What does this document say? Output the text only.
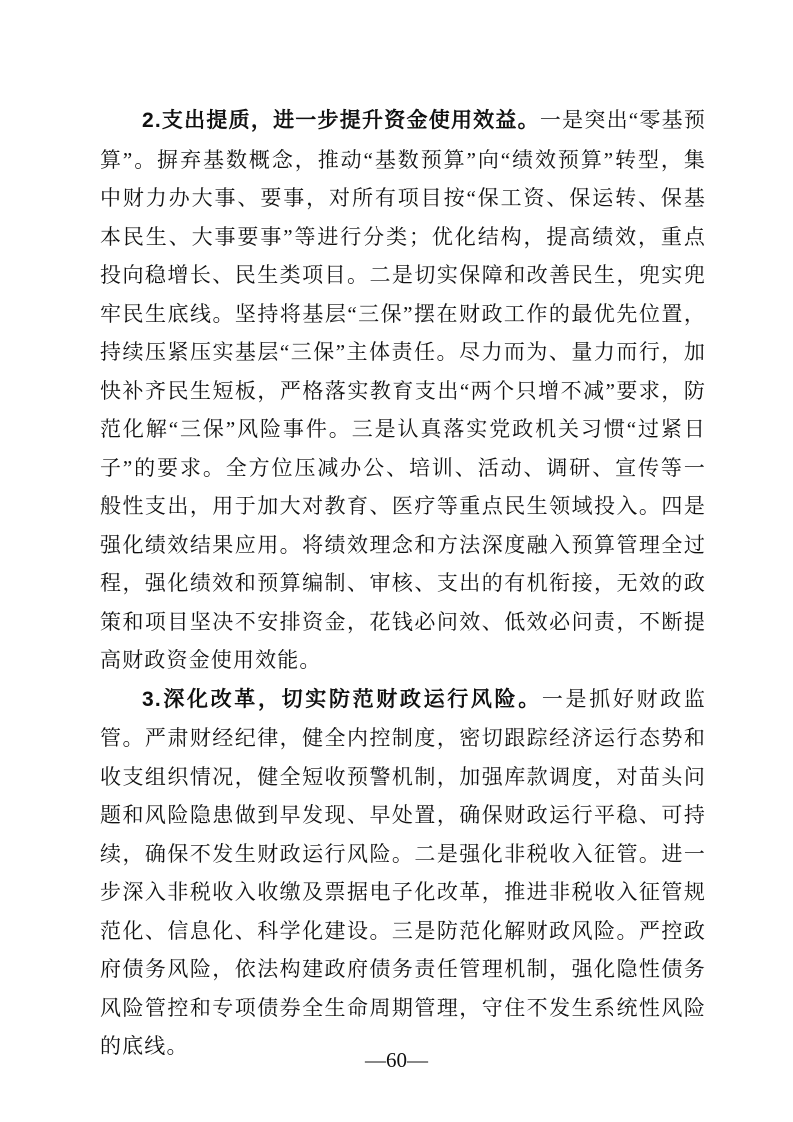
2.支出提质，进一步提升资金使用效益。一是突出“零基预算”。摒弃基数概念，推动“基数预算”向“绩效预算”转型，集中财力办大事、要事，对所有项目按“保工资、保运转、保基本民生、大事要事”等进行分类；优化结构，提高绩效，重点投向稳增长、民生类项目。二是切实保障和改善民生，兜实兜牢民生底线。坚持将基层“三保”摆在财政工作的最优先位置，持续压紧压实基层“三保”主体责任。尽力而为、量力而行，加快补齐民生短板，严格落实教育支出“两个只增不减”要求，防范化解“三保”风险事件。三是认真落实党政机关习惯“过紧日子”的要求。全方位压减办公、培训、活动、调研、宣传等一般性支出，用于加大对教育、医疗等重点民生领域投入。四是强化绩效结果应用。将绩效理念和方法深度融入预算管理全过程，强化绩效和预算编制、审核、支出的有机衔接，无效的政策和项目坚决不安排资金，花钱必问效、低效必问责，不断提高财政资金使用效能。

3.深化改革，切实防范财政运行风险。一是抓好财政监管。严肃财经纪律，健全内控制度，密切跟踪经济运行态势和收支组织情况，健全短收预警机制，加强库款调度，对苗头问题和风险隐患做到早发现、早处置，确保财政运行平稳、可持续，确保不发生财政运行风险。二是强化非税收入征管。进一步深入非税收入收缴及票据电子化改革，推进非税收入征管规范化、信息化、科学化建设。三是防范化解财政风险。严控政府债务风险，依法构建政府债务责任管理机制，强化隐性债务风险管控和专项债券全生命周期管理，守住不发生系统性风险的底线。

—60—
